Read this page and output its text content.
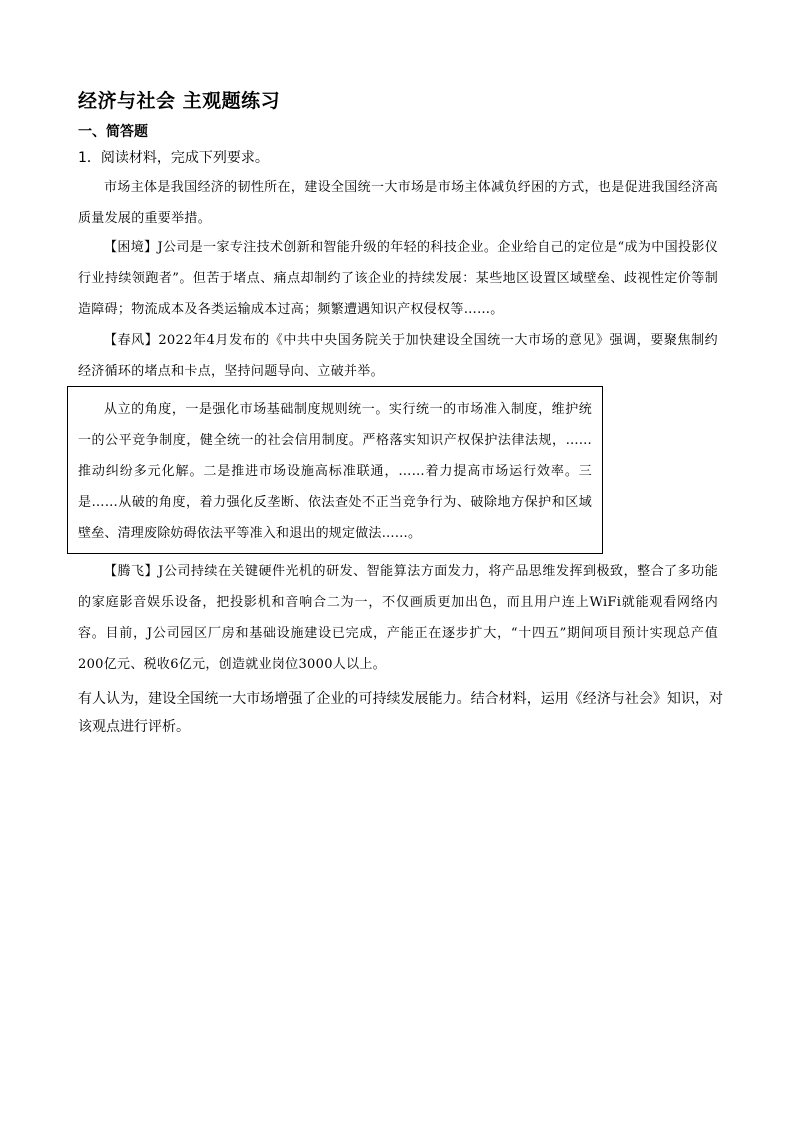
经济与社会 主观题练习
一、简答题
1．阅读材料，完成下列要求。
市场主体是我国经济的韧性所在，建设全国统一大市场是市场主体减负纾困的方式，也是促进我国经济高质量发展的重要举措。
【困境】J公司是一家专注技术创新和智能升级的年轻的科技企业。企业给自己的定位是“成为中国投影仪行业持续领跑者”。但苦于堵点、痛点却制约了该企业的持续发展：某些地区设置区域壁垒、歧视性定价等制造障碍；物流成本及各类运输成本过高；频繁遭遇知识产权侵权等……。
【春风】2022年4月发布的《中共中央国务院关于加快建设全国统一大市场的意见》强调，要聚焦制约经济循环的堵点和卡点，坚持问题导向、立破并举。
从立的角度，一是强化市场基础制度规则统一。实行统一的市场准入制度，维护统一的公平竞争制度，健全统一的社会信用制度。严格落实知识产权保护法律法规，……推动纠纷多元化解。二是推进市场设施高标准联通，……着力提高市场运行效率。三是……从破的角度，着力强化反垄断、依法查处不正当竞争行为、破除地方保护和区域壁垒、清理废除妨碍依法平等准入和退出的规定做法……。
【腾飞】J公司持续在关键硬件光机的研发、智能算法方面发力，将产品思维发挥到极致，整合了多功能的家庭影音娱乐设备，把投影机和音响合二为一，不仅画质更加出色，而且用户连上WiFi就能观看网络内容。目前，J公司园区厂房和基础设施建设已完成，产能正在逐步扩大，“十四五”期间项目预计实现总产值200亿元、税收6亿元，创造就业岗位3000人以上。
有人认为，建设全国统一大市场增强了企业的可持续发展能力。结合材料，运用《经济与社会》知识，对该观点进行评析。
